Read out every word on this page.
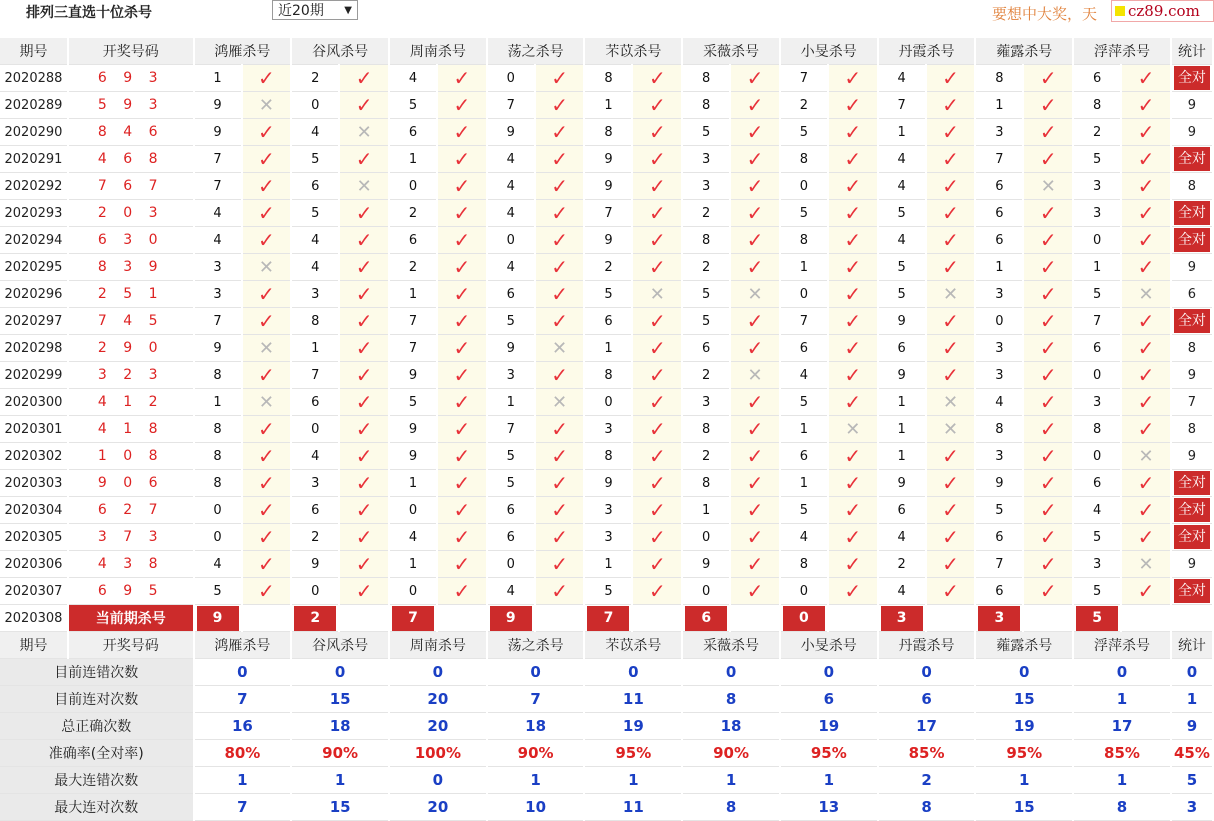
排列三直选十位杀号	近20期 ▼	要想中大奖，天	cz89.com
期号	开奖号码	鸿雁杀号		谷风杀号		周南杀号		荡之杀号		芣苡杀号		采薇杀号		小旻杀号		丹霞杀号		蕹露杀号		浮萍杀号		统计
2020288	6 9 3	1	✓	2	✓	4	✓	0	✓	8	✓	8	✓	7	✓	4	✓	8	✓	6	✓	全对
2020289	5 9 3	9	✕	0	✓	5	✓	7	✓	1	✓	8	✓	2	✓	7	✓	1	✓	8	✓	9
2020290	8 4 6	9	✓	4	✕	6	✓	9	✓	8	✓	5	✓	5	✓	1	✓	3	✓	2	✓	9
2020291	4 6 8	7	✓	5	✓	1	✓	4	✓	9	✓	3	✓	8	✓	4	✓	7	✓	5	✓	全对
2020292	7 6 7	7	✓	6	✕	0	✓	4	✓	9	✓	3	✓	0	✓	4	✓	6	✕	3	✓	8
2020293	2 0 3	4	✓	5	✓	2	✓	4	✓	7	✓	2	✓	5	✓	5	✓	6	✓	3	✓	全对
2020294	6 3 0	4	✓	4	✓	6	✓	0	✓	9	✓	8	✓	8	✓	4	✓	6	✓	0	✓	全对
2020295	8 3 9	3	✕	4	✓	2	✓	4	✓	2	✓	2	✓	1	✓	5	✓	1	✓	1	✓	9
2020296	2 5 1	3	✓	3	✓	1	✓	6	✓	5	✕	5	✕	0	✓	5	✕	3	✓	5	✕	6
2020297	7 4 5	7	✓	8	✓	7	✓	5	✓	6	✓	5	✓	7	✓	9	✓	0	✓	7	✓	全对
2020298	2 9 0	9	✕	1	✓	7	✓	9	✕	1	✓	6	✓	6	✓	6	✓	3	✓	6	✓	8
2020299	3 2 3	8	✓	7	✓	9	✓	3	✓	8	✓	2	✕	4	✓	9	✓	3	✓	0	✓	9
2020300	4 1 2	1	✕	6	✓	5	✓	1	✕	0	✓	3	✓	5	✓	1	✕	4	✓	3	✓	7
2020301	4 1 8	8	✓	0	✓	9	✓	7	✓	3	✓	8	✓	1	✕	1	✕	8	✓	8	✓	8
2020302	1 0 8	8	✓	4	✓	9	✓	5	✓	8	✓	2	✓	6	✓	1	✓	3	✓	0	✕	9
2020303	9 0 6	8	✓	3	✓	1	✓	5	✓	9	✓	8	✓	1	✓	9	✓	9	✓	6	✓	全对
2020304	6 2 7	0	✓	6	✓	0	✓	6	✓	3	✓	1	✓	5	✓	6	✓	5	✓	4	✓	全对
2020305	3 7 3	0	✓	2	✓	4	✓	6	✓	3	✓	0	✓	4	✓	4	✓	6	✓	5	✓	全对
2020306	4 3 8	4	✓	9	✓	1	✓	0	✓	1	✓	9	✓	8	✓	2	✓	7	✓	3	✕	9
2020307	6 9 5	5	✓	0	✓	0	✓	4	✓	5	✓	0	✓	0	✓	4	✓	6	✓	5	✓	全对
2020308	当前期杀号	9		2		7		9		7		6		0		3		3		5		
期号	开奖号码	鸿雁杀号		谷风杀号		周南杀号		荡之杀号		芣苡杀号		采薇杀号		小旻杀号		丹霞杀号		蕹露杀号		浮萍杀号		统计
目前连错次数		0		0		0		0		0		0		0		0		0		0		0
目前连对次数		7		15		20		7		11		8		6		6		15		1		1
总正确次数		16		18		20		18		19		18		19		17		19		17		9
准确率(全对率)		80%		90%		100%		90%		95%		90%		95%		85%		95%		85%		45%
最大连错次数		1		1		0		1		1		1		1		2		1		1		5
最大连对次数		7		15		20		10		11		8		13		8		15		8		3
